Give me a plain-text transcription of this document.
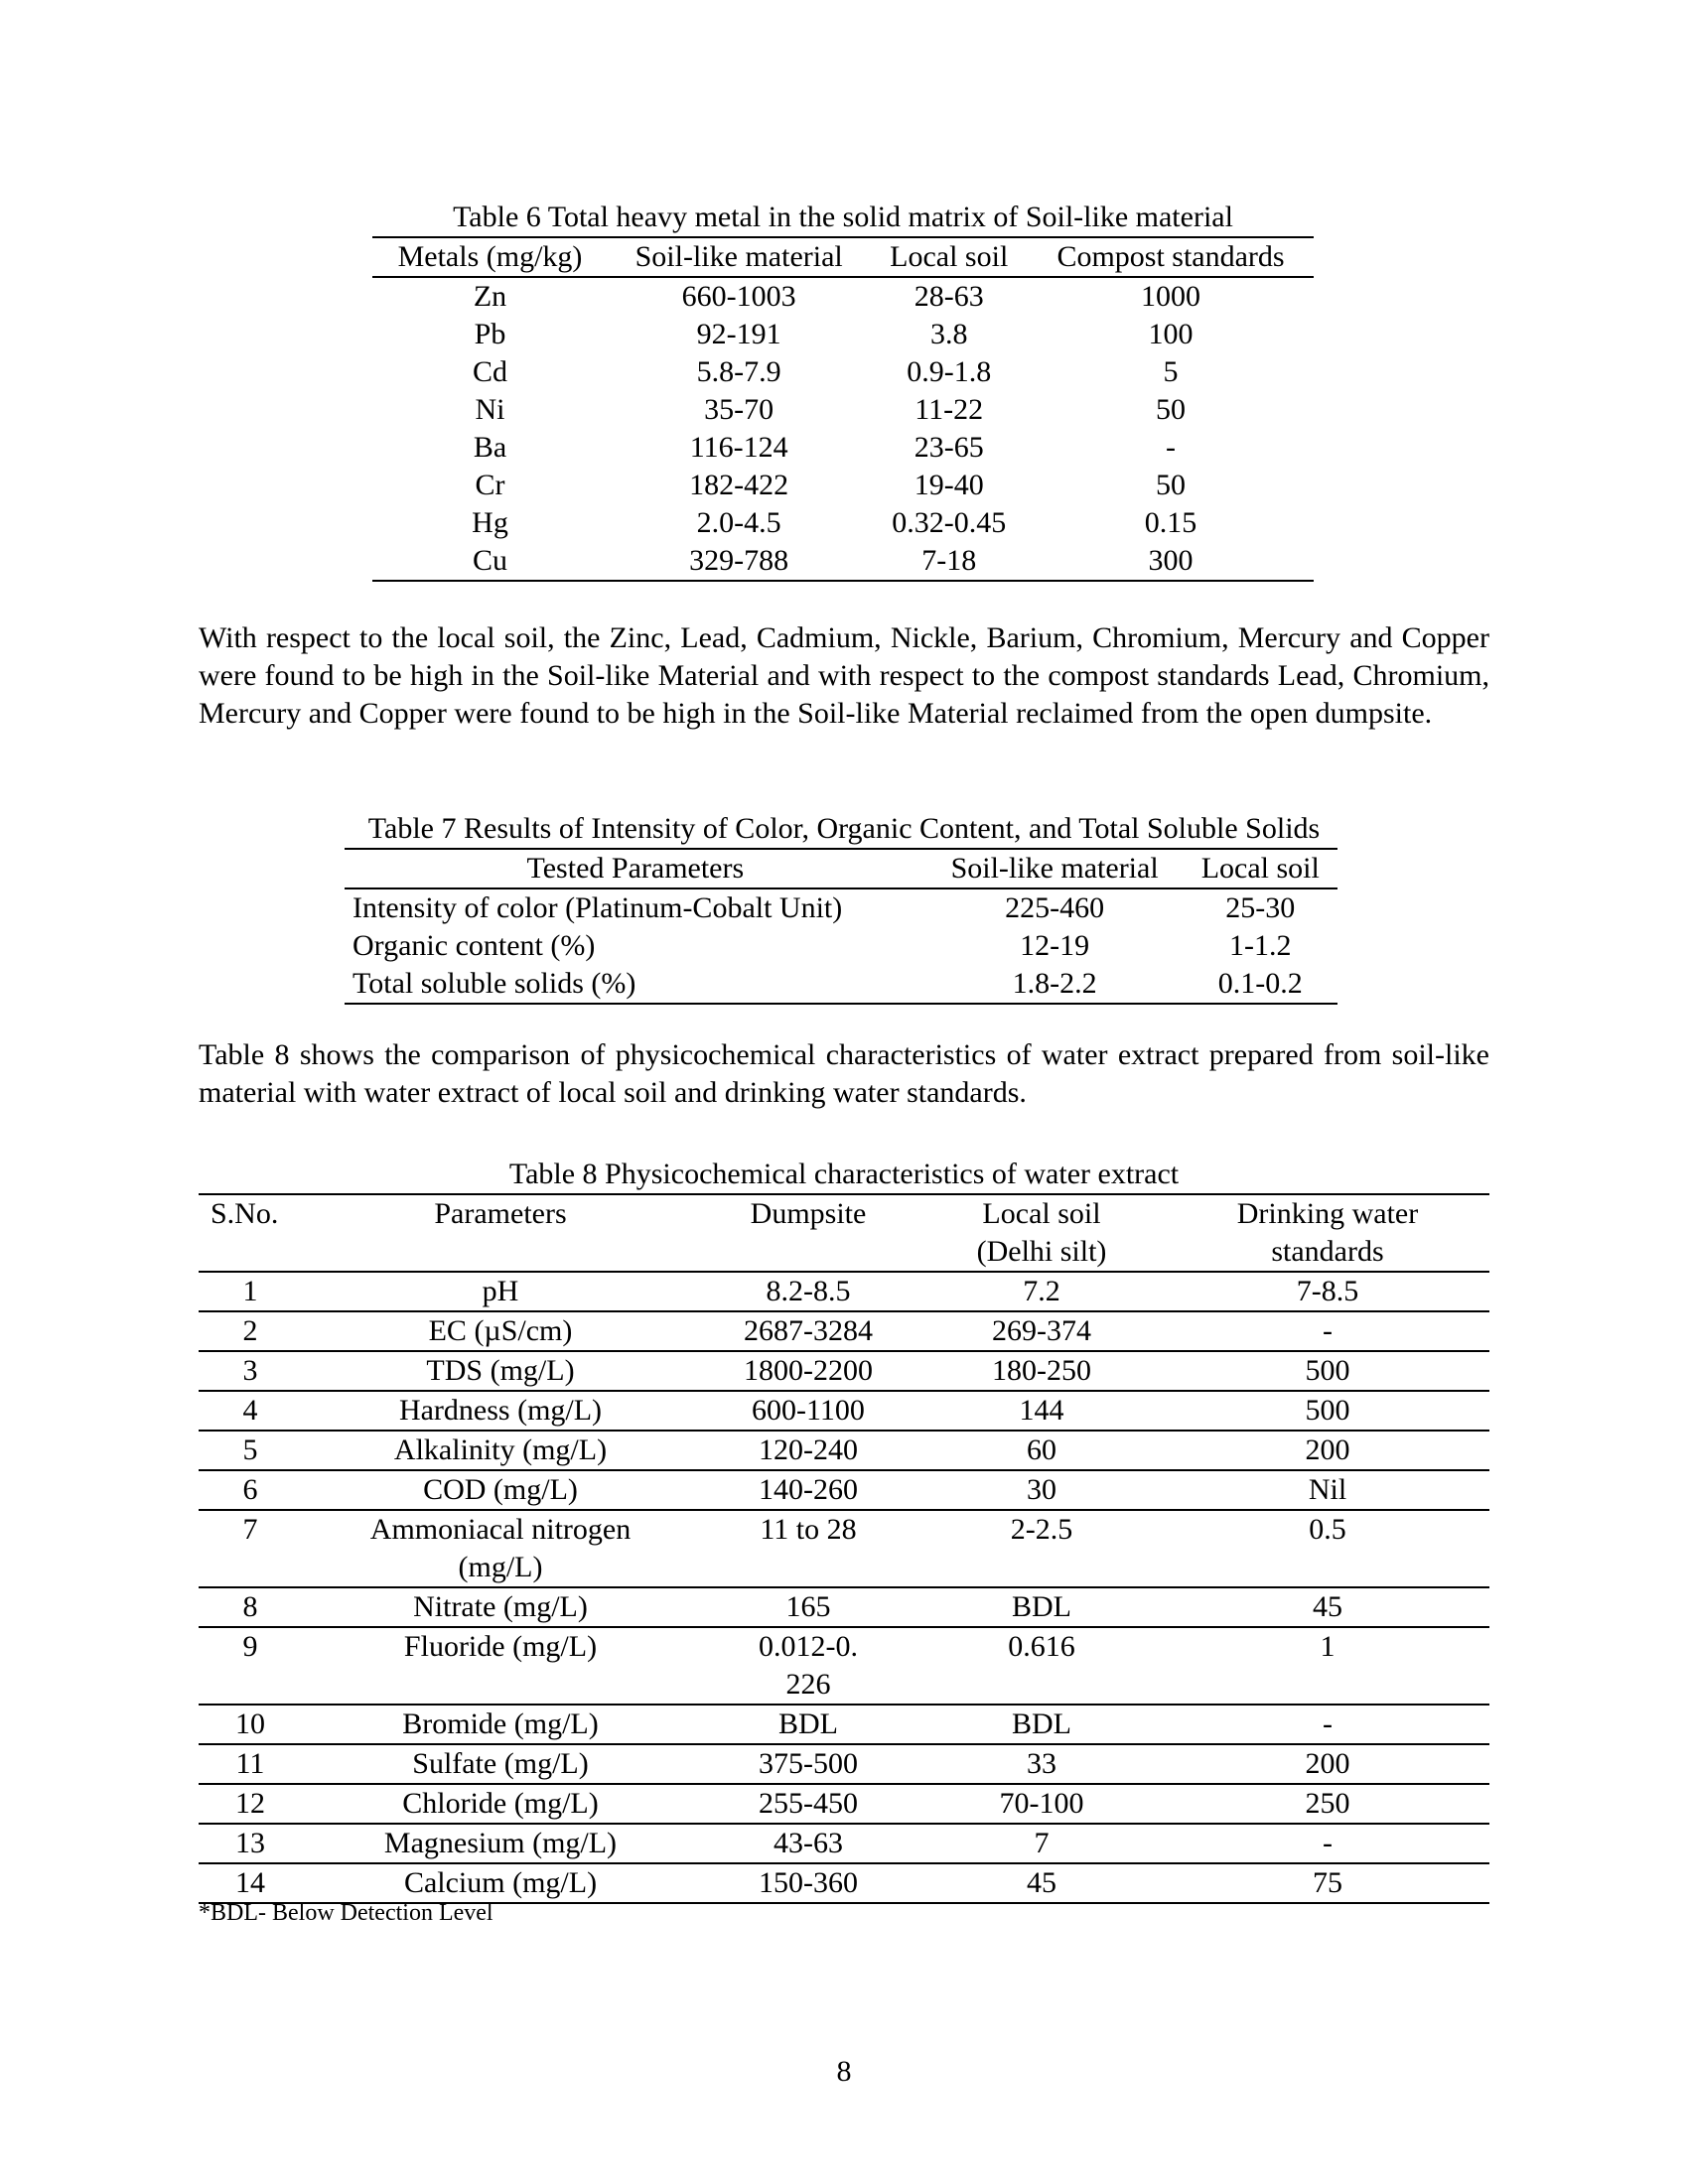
Table 6 Total heavy metal in the solid matrix of Soil-like material
Metals (mg/kg)	Soil-like material	Local soil	Compost standards
Zn	660-1003	28-63	1000
Pb	92-191	3.8	100
Cd	5.8-7.9	0.9-1.8	5
Ni	35-70	11-22	50
Ba	116-124	23-65	-
Cr	182-422	19-40	50
Hg	2.0-4.5	0.32-0.45	0.15
Cu	329-788	7-18	300
With respect to the local soil, the Zinc, Lead, Cadmium, Nickle, Barium, Chromium, Mercury and Copper were found to be high in the Soil-like Material and with respect to the compost standards Lead, Chromium, Mercury and Copper were found to be high in the Soil-like Material reclaimed from the open dumpsite.
Table 7 Results of Intensity of Color, Organic Content, and Total Soluble Solids
Tested Parameters	Soil-like material	Local soil
Intensity of color (Platinum-Cobalt Unit)	225-460	25-30
Organic content (%)	12-19	1-1.2
Total soluble solids (%)	1.8-2.2	0.1-0.2
Table 8 shows the comparison of physicochemical characteristics of water extract prepared from soil-like material with water extract of local soil and drinking water standards.
Table 8 Physicochemical characteristics of water extract
S.No.	Parameters	Dumpsite	Local soil (Delhi silt)	Drinking water standards
1	pH	8.2-8.5	7.2	7-8.5
2	EC (µS/cm)	2687-3284	269-374	-
3	TDS (mg/L)	1800-2200	180-250	500
4	Hardness (mg/L)	600-1100	144	500
5	Alkalinity (mg/L)	120-240	60	200
6	COD (mg/L)	140-260	30	Nil
7	Ammoniacal nitrogen (mg/L)	11 to 28	2-2.5	0.5
8	Nitrate (mg/L)	165	BDL	45
9	Fluoride (mg/L)	0.012-0.226	0.616	1
10	Bromide (mg/L)	BDL	BDL	-
11	Sulfate (mg/L)	375-500	33	200
12	Chloride (mg/L)	255-450	70-100	250
13	Magnesium (mg/L)	43-63	7	-
14	Calcium (mg/L)	150-360	45	75
*BDL- Below Detection Level
8
